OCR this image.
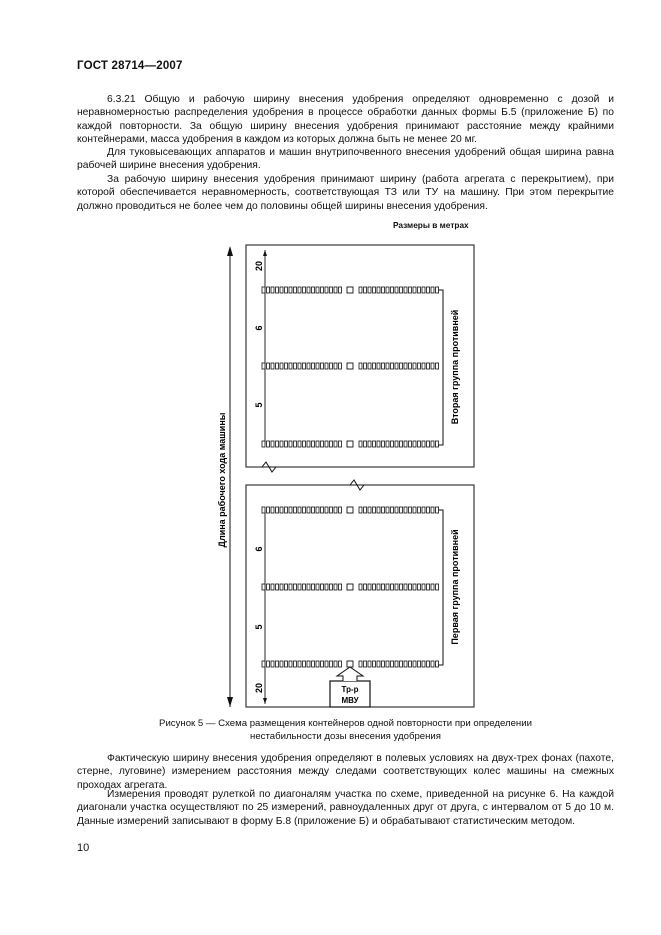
ГОСТ 28714—2007
6.3.21 Общую и рабочую ширину внесения удобрения определяют одновременно с дозой и неравномерностью распределения удобрения в процессе обработки данных формы Б.5 (приложение Б) по каждой повторности. За общую ширину внесения удобрения принимают расстояние между крайними контейнерами, масса удобрения в каждом из которых должна быть не менее 20 мг.
Для туковысевающих аппаратов и машин внутрипочвенного внесения удобрений общая ширина равна рабочей ширине внесения удобрения.
За рабочую ширину внесения удобрения принимают ширину (работа агрегата с перекрытием), при которой обеспечивается неравномерность, соответствующая ТЗ или ТУ на машину. При этом перекрытие должно проводиться не более чем до половины общей ширины внесения удобрения.
Размеры в метрах
Длина рабочего хода машины
20
6
5
6
5
20
Вторая группа противней
Первая группа противней
Тр-р
МВУ
Рисунок 5 — Схема размещения контейнеров одной повторности при определении
нестабильности дозы внесения удобрения
Фактическую ширину внесения удобрения определяют в полевых условиях на двух-трех фонах (пахоте, стерне, луговине) измерением расстояния между следами соответствующих колес машины на смежных проходах агрегата.
Измерения проводят рулеткой по диагоналям участка по схеме, приведенной на рисунке 6. На каждой диагонали участка осуществляют по 25 измерений, равноудаленных друг от друга, с интервалом от 5 до 10 м. Данные измерений записывают в форму Б.8 (приложение Б) и обрабатывают статистическим методом.
10
